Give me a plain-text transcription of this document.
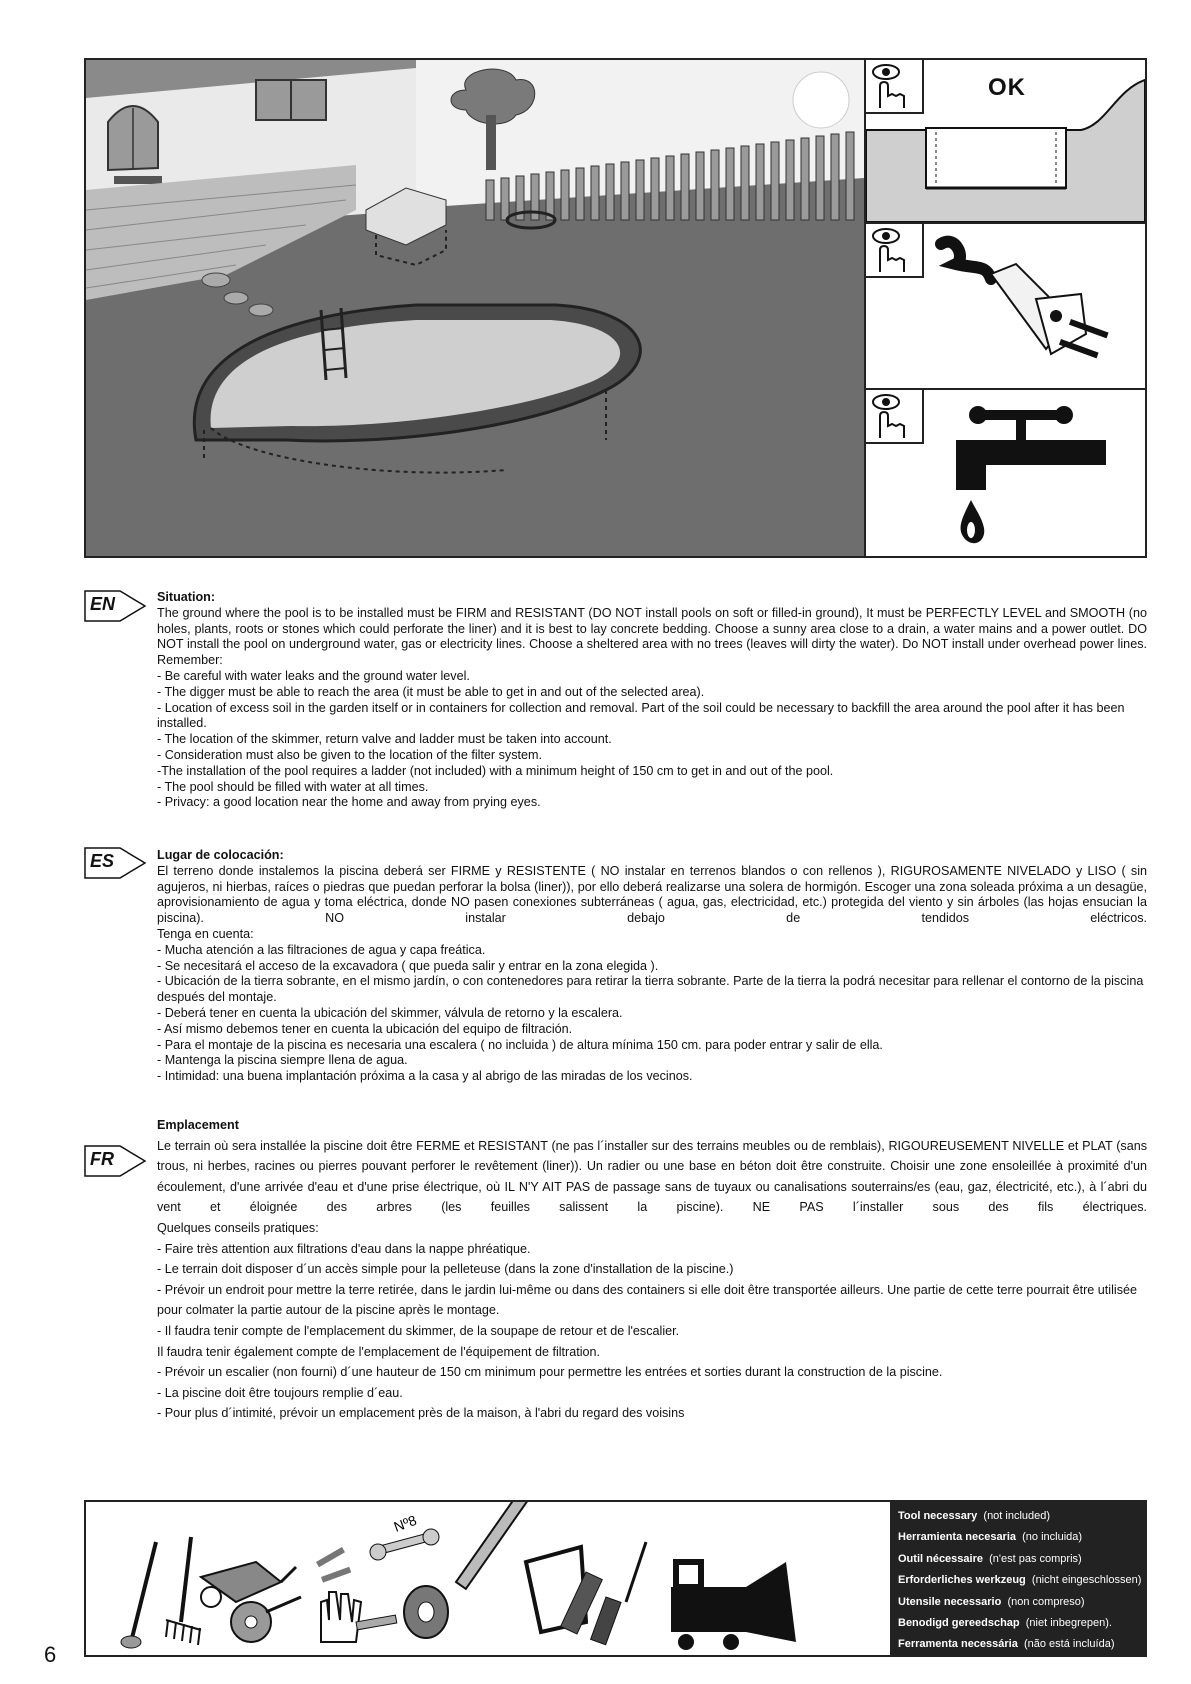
OK
EN	Situation:

The ground where the pool is to be installed must be FIRM and RESISTANT (DO NOT install pools on soft or filled-in ground), It must be PERFECTLY LEVEL and SMOOTH (no holes, plants, roots or stones which could perforate the liner) and it is best to lay concrete bedding. Choose a sunny area close to a drain, a water mains and a power outlet. DO NOT install the pool on underground water, gas or electricity lines. Choose a sheltered area with no trees (leaves will dirty the water). Do NOT install under overhead power lines.

Remember:

- Be careful with water leaks and the ground water level.

- The digger must be able to reach the area (it must be able to get in and out of the selected area).

- Location of excess soil in the garden itself or in containers for collection and removal. Part of the soil could be necessary to backfill the area around the pool after it has been installed.

- The location of the skimmer, return valve and ladder must be taken into account.

- Consideration must also be given to the location of the filter system.

-The installation of the pool requires a ladder (not included) with a minimum height of 150 cm to get in and out of the pool.

- The pool should be filled with water at all times.

- Privacy: a good location near the home and away from prying eyes.

ES	Lugar de colocación:

El terreno donde instalemos la piscina deberá ser FIRME y RESISTENTE ( NO instalar en terrenos blandos o con rellenos ), RIGUROSAMENTE NIVELADO y LISO ( sin agujeros, ni hierbas, raíces o piedras que puedan perforar la bolsa (liner)), por ello deberá realizarse una solera de hormigón. Escoger una zona soleada próxima a un desagüe, aprovisionamiento de agua y toma eléctrica, donde NO pasen conexiones subterráneas ( agua, gas, electricidad, etc.) protegida del viento y sin árboles (las hojas ensucian la piscina). NO instalar debajo de tendidos eléctricos.

Tenga en cuenta:

- Mucha atención a las filtraciones de agua y capa freática.

- Se necesitará el acceso de la excavadora ( que pueda salir y entrar en la zona elegida ).

- Ubicación de la tierra sobrante, en el mismo jardín, o con contenedores para retirar la tierra sobrante. Parte de la tierra la podrá necesitar para rellenar el contorno de la piscina después del montaje.

- Deberá tener en cuenta la ubicación del skimmer, válvula de retorno y la escalera.

- Así mismo debemos tener en cuenta la ubicación del equipo de filtración.

- Para el montaje de la piscina es necesaria una escalera ( no incluida ) de altura mínima 150 cm. para poder entrar y salir de ella.

- Mantenga la piscina siempre llena de agua.

- Intimidad: una buena implantación próxima a la casa y al abrigo de las miradas de los vecinos.

FR

Emplacement

Le terrain où sera installée la piscine doit être FERME et RESISTANT (ne pas l´installer sur des terrains meubles ou de remblais), RIGOUREUSEMENT NIVELLE et PLAT (sans trous, ni herbes, racines ou pierres pouvant perforer le revêtement (liner)). Un radier ou une base en béton doit être construite. Choisir une zone ensoleillée à proximité d'un écoulement, d'une arrivée d'eau et d'une prise électrique, où IL N'Y AIT PAS de passage sans de tuyaux ou canalisations souterrains/es (eau, gaz, électricité, etc.), à l´abri du vent et éloignée des arbres (les feuilles salissent la piscine). NE PAS l´installer sous des fils électriques.

Quelques conseils pratiques:

- Faire très attention aux filtrations d'eau dans la nappe phréatique.

- Le terrain doit disposer d´un accès simple pour la pelleteuse (dans la zone d'installation de la piscine.)

- Prévoir un endroit pour mettre la terre retirée, dans le jardin lui-même ou dans des containers si elle doit être transportée ailleurs. Une partie de cette terre pourrait être utilisée pour colmater la partie autour de la piscine après le montage.

- Il faudra tenir compte de l'emplacement du skimmer, de la soupape de retour et de l'escalier.

Il faudra tenir également compte de l'emplacement de l'équipement de filtration.

- Prévoir un escalier (non fourni) d´une hauteur de 150 cm minimum pour permettre les entrées et sorties durant la construction de la piscine.

- La piscine doit être toujours remplie d´eau.

- Pour plus d´intimité, prévoir un emplacement près de la maison, à l'abri du regard des voisins

Nº8	Tool necessary (not included)
Herramienta necesaria (no incluida)
Outil nécessaire (n'est pas compris)
Erforderliches werkzeug (nicht eingeschlossen)
Utensile necessario (non compreso)
Benodigd gereedschap (niet inbegrepen).
Ferramenta necessária (não está incluída)
6
